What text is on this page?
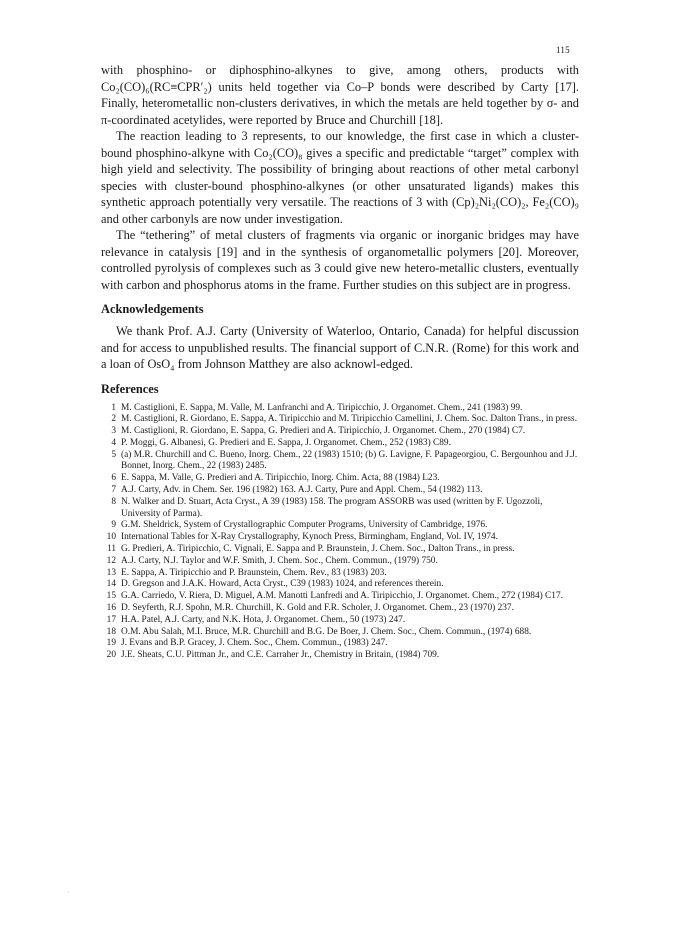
115

with phosphino- or diphosphino-alkynes to give, among others, products with Co₂(CO)₆(RC≡CPR′₂) units held together via Co–P bonds were described by Carty [17]. Finally, heterometallic non-clusters derivatives, in which the metals are held together by σ- and π-coordinated acetylides, were reported by Bruce and Churchill [18].

The reaction leading to 3 represents, to our knowledge, the first case in which a cluster-bound phosphino-alkyne with Co₂(CO)₈ gives a specific and predictable “target” complex with high yield and selectivity. The possibility of bringing about reactions of other metal carbonyl species with cluster-bound phosphino-alkynes (or other unsaturated ligands) makes this synthetic approach potentially very versatile. The reactions of 3 with (Cp)₂Ni₂(CO)₂, Fe₂(CO)₉ and other carbonyls are now under investigation.

The “tethering” of metal clusters of fragments via organic or inorganic bridges may have relevance in catalysis [19] and in the synthesis of organometallic polymers [20]. Moreover, controlled pyrolysis of complexes such as 3 could give new hetero-metallic clusters, eventually with carbon and phosphorus atoms in the frame. Further studies on this subject are in progress.

Acknowledgements

We thank Prof. A.J. Carty (University of Waterloo, Ontario, Canada) for helpful discussion and for access to unpublished results. The financial support of C.N.R. (Rome) for this work and a loan of OsO₄ from Johnson Matthey are also acknowl-edged.

References
1 M. Castiglioni, E. Sappa, M. Valle, M. Lanfranchi and A. Tiripicchio, J. Organomet. Chem., 241 (1983) 99.
2 M. Castiglioni, R. Giordano, E. Sappa, A. Tiripicchio and M. Tiripicchio Camellini, J. Chem. Soc. Dalton Trans., in press.
3 M. Castiglioni, R. Giordano, E. Sappa, G. Predieri and A. Tiripicchio, J. Organomet. Chem., 270 (1984) C7.
4 P. Moggi, G. Albanesi, G. Predieri and E. Sappa, J. Organomet. Chem., 252 (1983) C89.
5 (a) M.R. Churchill and C. Bueno, Inorg. Chem., 22 (1983) 1510; (b) G. Lavigne, F. Papageorgiou, C. Bergounhou and J.J. Bonnet, Inorg. Chem., 22 (1983) 2485.
6 E. Sappa, M. Valle, G. Predieri and A. Tiripicchio, Inorg. Chim. Acta, 88 (1984) L23.
7 A.J. Carty, Adv. in Chem. Ser. 196 (1982) 163. A.J. Carty, Pure and Appl. Chem., 54 (1982) 113.
8 N. Walker and D. Stuart, Acta Cryst., A 39 (1983) 158. The program ASSORB was used (written by F. Ugozzoli, University of Parma).
9 G.M. Sheldrick, System of Crystallographic Computer Programs, University of Cambridge, 1976.
10 International Tables for X-Ray Crystallography, Kynoch Press, Birmingham, England, Vol. IV, 1974.
11 G. Predieri, A. Tiripicchio, C. Vignali, E. Sappa and P. Braunstein, J. Chem. Soc., Dalton Trans., in press.
12 A.J. Carty, N.J. Taylor and W.F. Smith, J. Chem. Soc., Chem. Commun., (1979) 750.
13 E. Sappa, A. Tiripicchio and P. Braunstein, Chem. Rev., 83 (1983) 203.
14 D. Gregson and J.A.K. Howard, Acta Cryst., C39 (1983) 1024, and references therein.
15 G.A. Carriedo, V. Riera, D. Miguel, A.M. Manotti Lanfredi and A. Tiripicchio, J. Organomet. Chem., 272 (1984) C17.
16 D. Seyferth, R.J. Spohn, M.R. Churchill, K. Gold and F.R. Scholer, J. Organomet. Chem., 23 (1970) 237.
17 H.A. Patel, A.J. Carty, and N.K. Hota, J. Organomet. Chem., 50 (1973) 247.
18 O.M. Abu Salah, M.I. Bruce, M.R. Churchill and B.G. De Boer, J. Chem. Soc., Chem. Commun., (1974) 688.
19 J. Evans and B.P. Gracey, J. Chem. Soc., Chem. Commun., (1983) 247.
20 J.E. Sheats, C.U. Pittman Jr., and C.E. Carraher Jr., Chemistry in Britain, (1984) 709.
·
